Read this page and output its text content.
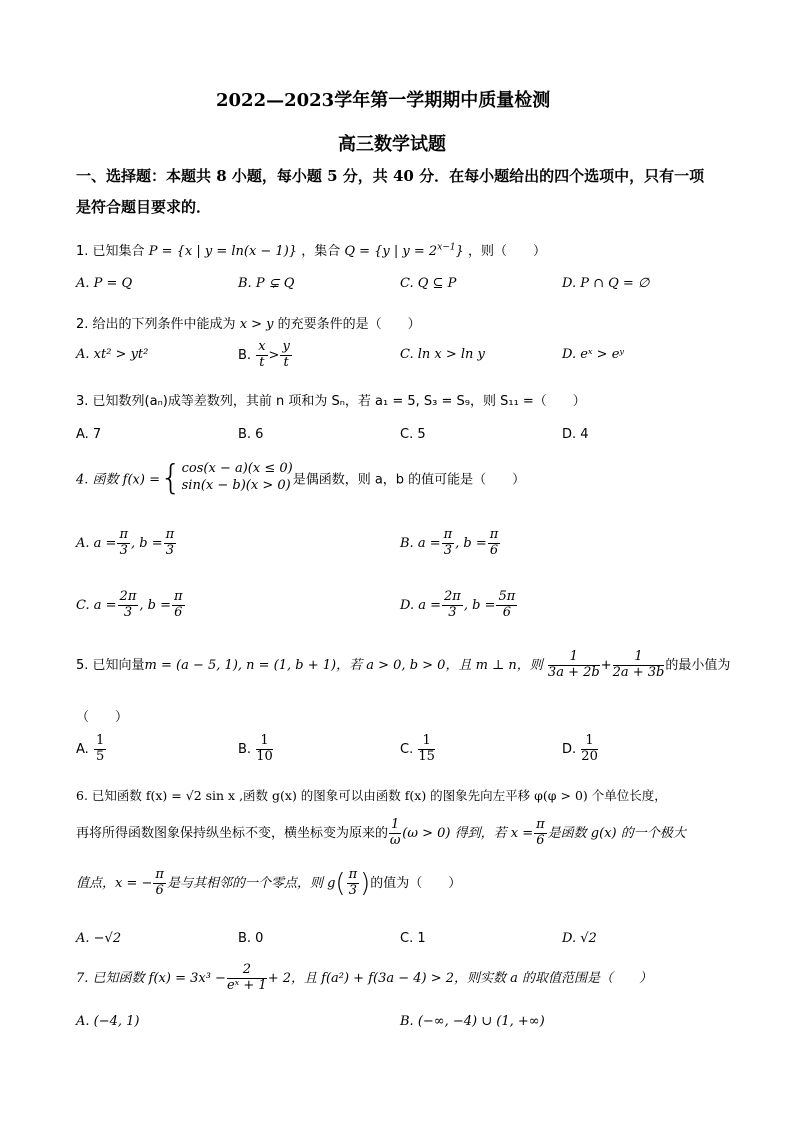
2022—2023学年第一学期期中质量检测
高三数学试题
一、选择题：本题共 8 小题，每小题 5 分，共 40 分．在每小题给出的四个选项中，只有一项
是符合题目要求的．
1. 已知集合 P = {x | y = ln(x − 1)} ，集合 Q = {y | $y = 2^{x-1}$} ，则（　　）
A. P = Q	B. P ⊊ Q	C. Q ⊆ P	D. P ∩ Q = ∅
2. 给出的下列条件中能成为 x > y 的充要条件的是（　　）
A. xt² > yt²	B. $\frac{x}{t} > \frac{y}{t}$	C. ln x > ln y	D. eˣ > eʸ
3. 已知数列(aₙ)成等差数列，其前 n 项和为 Sₙ，若 a₁ = 5, S₃ = S₉，则 S₁₁ =（　　）
A. 7	B. 6	C. 5	D. 4
4. 函数 f(x) ={ cos(x − a)(x ≤ 0)
sin(x − b)(x > 0) 是偶函数，则 a，b 的值可能是（　　）
A. $a = \frac{\pi}{3}$ , $b = \frac{\pi}{3}$	B. $a = \frac{\pi}{3}$ , $b = \frac{\pi}{6}$
C. $a = \frac{2\pi}{3}$ , $b = \frac{\pi}{6}$	D. $a = \frac{2\pi}{3}$ , $b = \frac{5\pi}{6}$
5. 已知向量m = (a − 5, 1), n = (1, b + 1)，若 a > 0, b > 0，且 m ⊥ n，则 $\frac{1}{3a + 2b} + \frac{1}{2a + 3b}$ 的最小值为
（　　）
A. $\frac{1}{5}$	B. $\frac{1}{10}$	C. $\frac{1}{15}$	D. $\frac{1}{20}$
6. 已知函数 f(x) = √2 sin x ,函数 g(x) 的图象可以由函数 f(x) 的图象先向左平移 φ(φ > 0) 个单位长度，
再将所得函数图象保持纵坐标不变，横坐标变为原来的 $\frac{1}{\omega} (\omega > 0)$ 得到，若 $x = \frac{\pi}{6}$ 是函数 g(x) 的一个极大
值点，x = − $\frac{\pi}{6}$ 是与其相邻的一个零点，则 $g( \frac{\pi}{3}$ )的值为（　　）
A. −√2	B. 0	C. 1	D. √2
7. 已知函数 $f(x) = 3x^3 - \frac{2}{\text{eˣ + 1}} + 2$，且 f(a²) + f(3a − 4) > 2，则实数 a 的取值范围是（　　）
A. (−4, 1)	B. (−∞, −4) ∪ (1, +∞)
